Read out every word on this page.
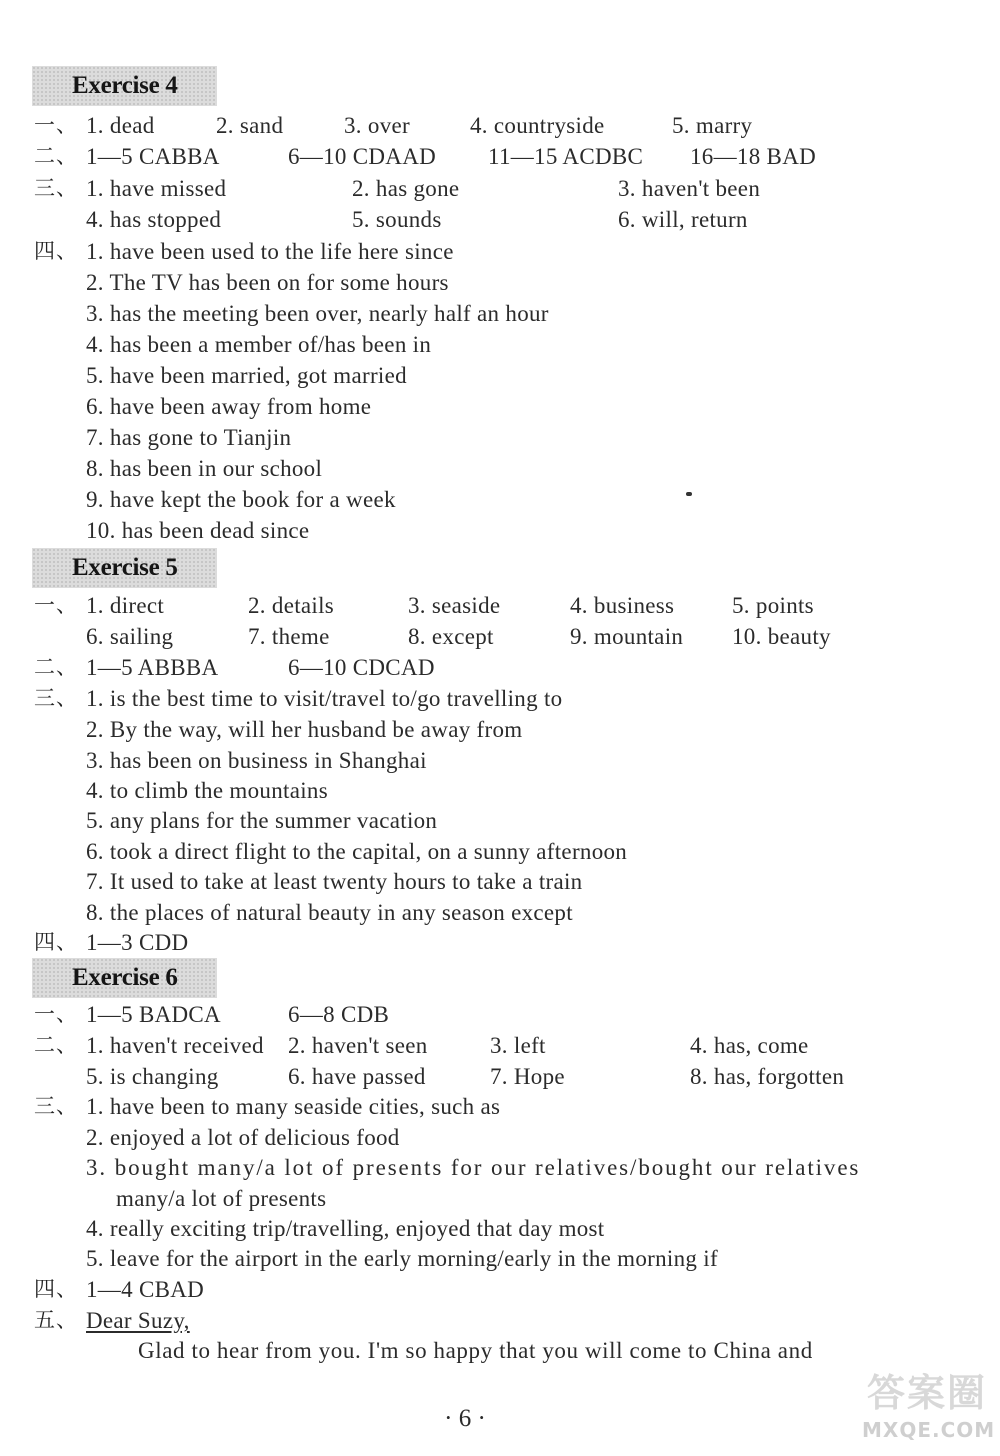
Exercise 4
一、 1. dead	2. sand	3. over	4. countryside	5. marry
二、 1—5 CABBA	6—10 CDAAD 11—15 ACDBC 16—18 BAD
三、 1. have missed	2. has gone	3. haven't been
4. has stopped	5. sounds	6. will, return
四、 1. have been used to the life here since
2. The TV has been on for some hours
3. has the meeting been over, nearly half an hour
4. has been a member of/has been in
5. have been married, got married
6. have been away from home
7. has gone to Tianjin
8. has been in our school
9. have kept the book for a week
10. has been dead since
Exercise 5
一、 1. direct	2. details	3. seaside	4. business	5. points
6. sailing	7. theme	8. except	9. mountain 10. beauty
二、 1—5 ABBBA	6—10 CDCAD
三、 1. is the best time to visit/travel to/go travelling to
2. By the way, will her husband be away from
3. has been on business in Shanghai
4. to climb the mountains
5. any plans for the summer vacation
6. took a direct flight to the capital, on a sunny afternoon
7. It used to take at least twenty hours to take a train
8. the places of natural beauty in any season except
四、 1—3 CDD
Exercise 6
一、 1—5 BADCA	6—8 CDB
二、 1. haven't received 2. haven't seen	3. left	4. has, come
5. is changing	6. have passed	7. Hope	8. has, forgotten
三、 1. have been to many seaside cities, such as
2. enjoyed a lot of delicious food
3. bought many/a lot of presents for our relatives/bought our relatives
many/a lot of presents
4. really exciting trip/travelling, enjoyed that day most
5. leave for the airport in the early morning/early in the morning if
四、 1—4 CBAD
五、 Dear Suzy,
Glad to hear from you. I'm so happy that you will come to China and
· 6 ·
答案圈
MXQE.COM
